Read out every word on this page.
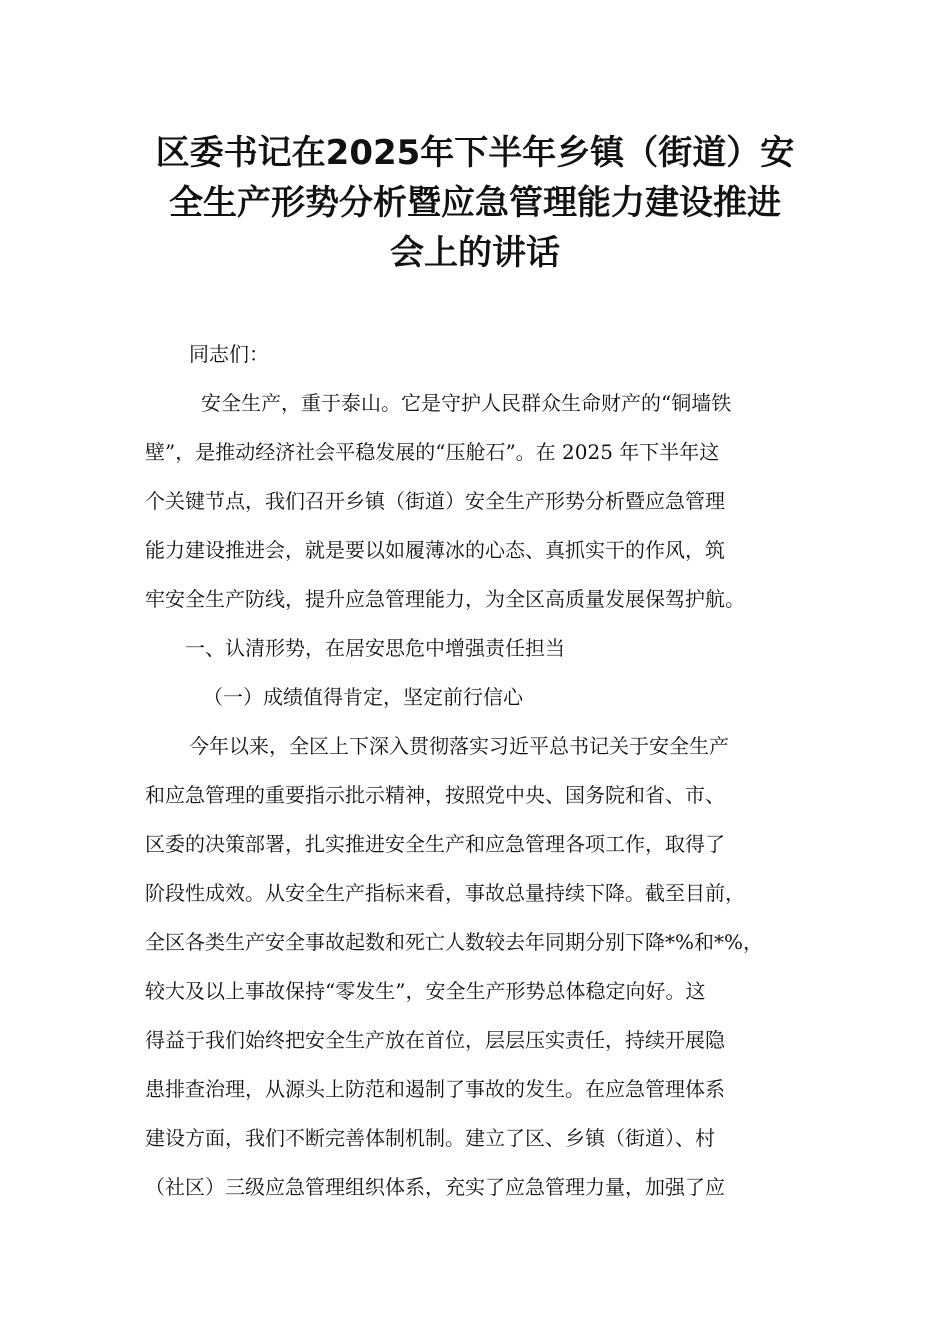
区委书记在2025年下半年乡镇（街道）安
全生产形势分析暨应急管理能力建设推进
会上的讲话

同志们：

安全生产，重于泰山。它是守护人民群众生命财产的“铜墙铁

壁”，是推动经济社会平稳发展的“压舱石”。在 2025 年下半年这

个关键节点，我们召开乡镇（街道）安全生产形势分析暨应急管理

能力建设推进会，就是要以如履薄冰的心态、真抓实干的作风，筑

牢安全生产防线，提升应急管理能力，为全区高质量发展保驾护航。

一、认清形势，在居安思危中增强责任担当

（一）成绩值得肯定，坚定前行信心

今年以来，全区上下深入贯彻落实习近平总书记关于安全生产

和应急管理的重要指示批示精神，按照党中央、国务院和省、市、

区委的决策部署，扎实推进安全生产和应急管理各项工作，取得了

阶段性成效。从安全生产指标来看，事故总量持续下降。截至目前，

全区各类生产安全事故起数和死亡人数较去年同期分别下降*%和*%，

较大及以上事故保持“零发生”，安全生产形势总体稳定向好。这

得益于我们始终把安全生产放在首位，层层压实责任，持续开展隐

患排查治理，从源头上防范和遏制了事故的发生。在应急管理体系

建设方面，我们不断完善体制机制。建立了区、乡镇（街道）、村

（社区）三级应急管理组织体系，充实了应急管理力量，加强了应
